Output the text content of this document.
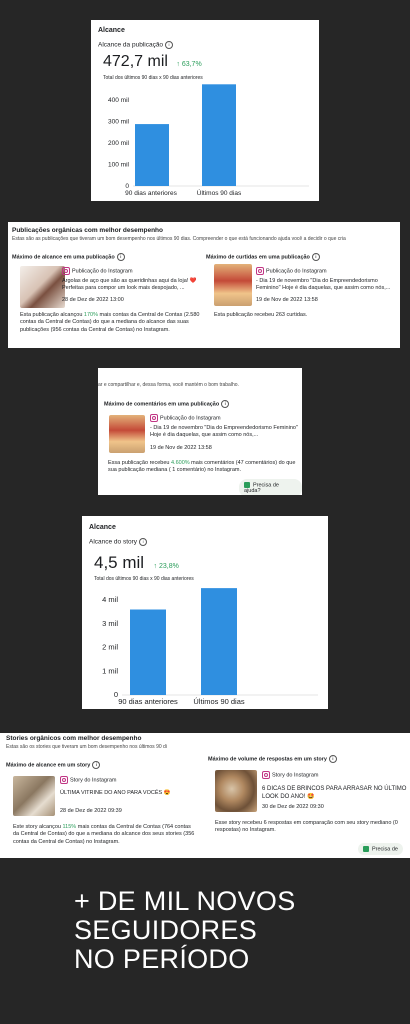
Alcance
Alcance da publicação i
472,7 mil ↑ 63,7%
Total dos últimos 90 dias x 90 dias anteriores
0
100 mil
200 mil
300 mil
400 mil
90 dias anteriores	Últimos 90 dias
Publicações orgânicas com melhor desempenho
Estas são as publicações que tiveram um bom desempenho nos últimos 90 dias. Compreender o que está funcionando ajuda você a decidir o que cria
Máximo de alcance em uma publicação i
Publicação do Instagram
Argolas de aço que são as queridinhas aqui da loja! ❤️ Perfeitas para compor um look mais despojado, ...
28 de Dez de 2022 13:00
Esta publicação alcançou 170% mais contas da Central de Contas (2.580 contas da Central de Contas) do que a mediana do alcance das suas publicações (956 contas da Central de Contas) no Instagram.
Máximo de curtidas em uma publicação i
Publicação do Instagram
- Dia 19 de novembro "Dia do Empreendedorismo Feminino" Hoje é dia daquelas, que assim como nós,...
19 de Nov de 2022 13:58
Esta publicação recebeu 263 curtidas.
ar e compartilhar e, dessa forma, você mantém o bom trabalho.
Máximo de comentários em uma publicação i
Publicação do Instagram
- Dia 19 de novembro "Dia do Empreendedorismo Feminino" Hoje é dia daquelas, que assim como nós,...
19 de Nov de 2022 13:58
Essa publicação recebeu 4.600% mais comentários (47 comentários) do que sua publicação mediana ( 1 comentário) no Instagram.
Precisa de ajuda?
Alcance
Alcance do story i
4,5 mil ↑ 23,8%
Total dos últimos 90 dias x 90 dias anteriores
0
1 mil
2 mil
3 mil
4 mil
90 dias anteriores Últimos 90 dias
Stories orgânicos com melhor desempenho
Estas são os stories que tiveram um bom desempenho nos últimos 90 di
Máximo de alcance em um story i
Story do Instagram
ÚLTIMA VITRINE DO ANO PARA VOCÊS 😍
28 de Dez de 2022 09:39
Este story alcançou 115% mais contas da Central de Contas (764 contas da Central de Contas) do que a mediana do alcance dos seus stories (356 contas da Central de Contas) no Instagram.
Máximo de volume de respostas em um story i
Story do Instagram
6 DICAS DE BRINCOS PARA ARRASAR NO ÚLTIMO LOOK DO ANO! 🤩
30 de Dez de 2022 09:30
Esse story recebeu 6 respostas em comparação com seu story mediano (0 respostas) no Instagram.
Precisa de
+ DE MIL NOVOS
SEGUIDORES
NO PERÍODO
